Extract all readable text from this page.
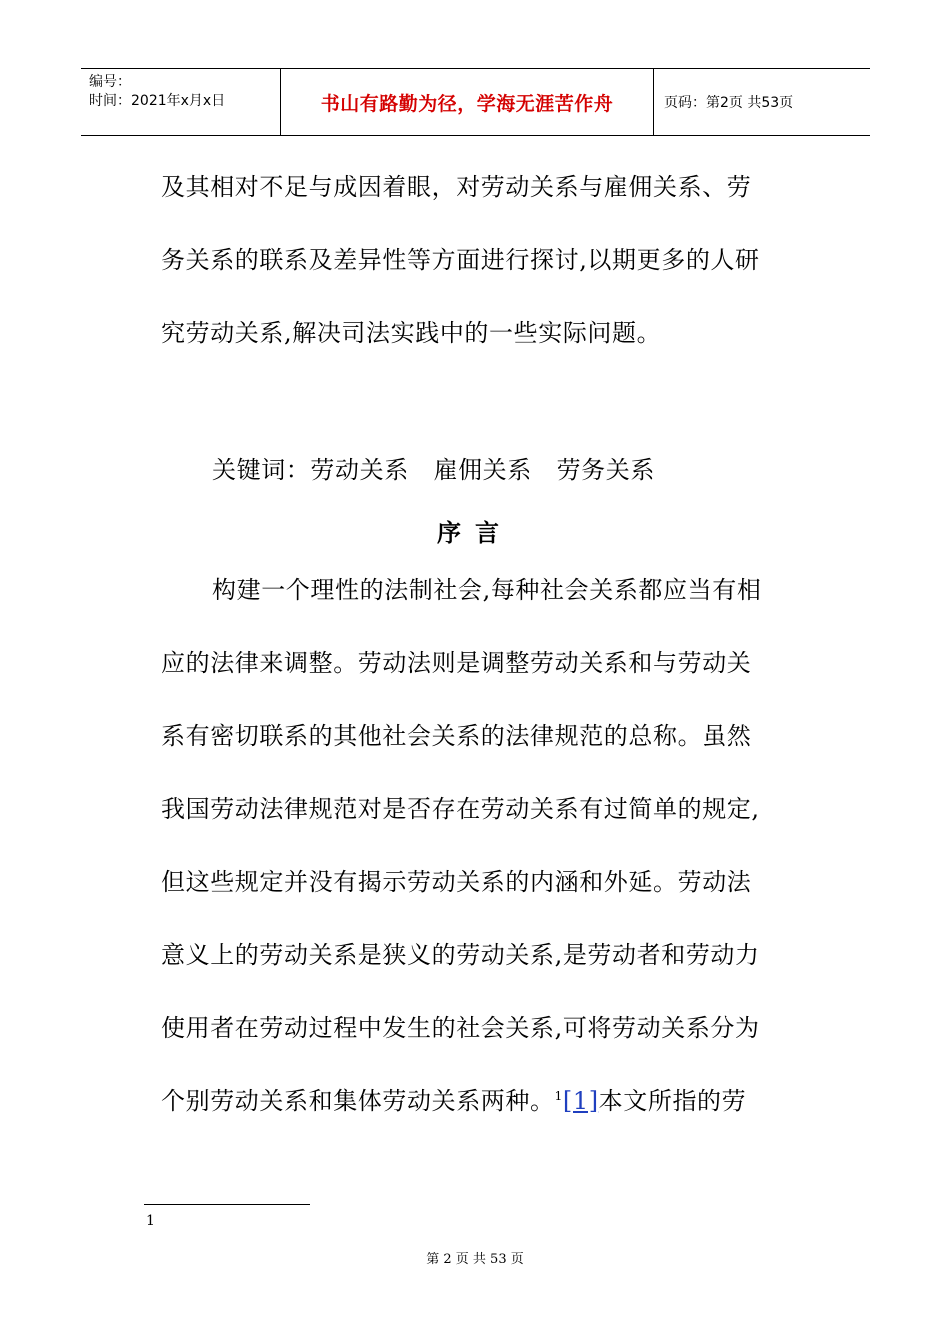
编号：
时间：2021年x月x日	书山有路勤为径，学海无涯苦作舟	页码：第2页 共53页
及其相对不足与成因着眼，对劳动关系与雇佣关系、劳
务关系的联系及差异性等方面进行探讨,以期更多的人研
究劳动关系,解决司法实践中的一些实际问题。
关键词：劳动关系   雇佣关系   劳务关系
序言
构建一个理性的法制社会,每种社会关系都应当有相
应的法律来调整。劳动法则是调整劳动关系和与劳动关
系有密切联系的其他社会关系的法律规范的总称。虽然
我国劳动法律规范对是否存在劳动关系有过简单的规定,
但这些规定并没有揭示劳动关系的内涵和外延。劳动法
意义上的劳动关系是狭义的劳动关系,是劳动者和劳动力
使用者在劳动过程中发生的社会关系,可将劳动关系分为
个别劳动关系和集体劳动关系两种。$^1$[1]本文所指的劳
1
第 2 页 共 53 页
